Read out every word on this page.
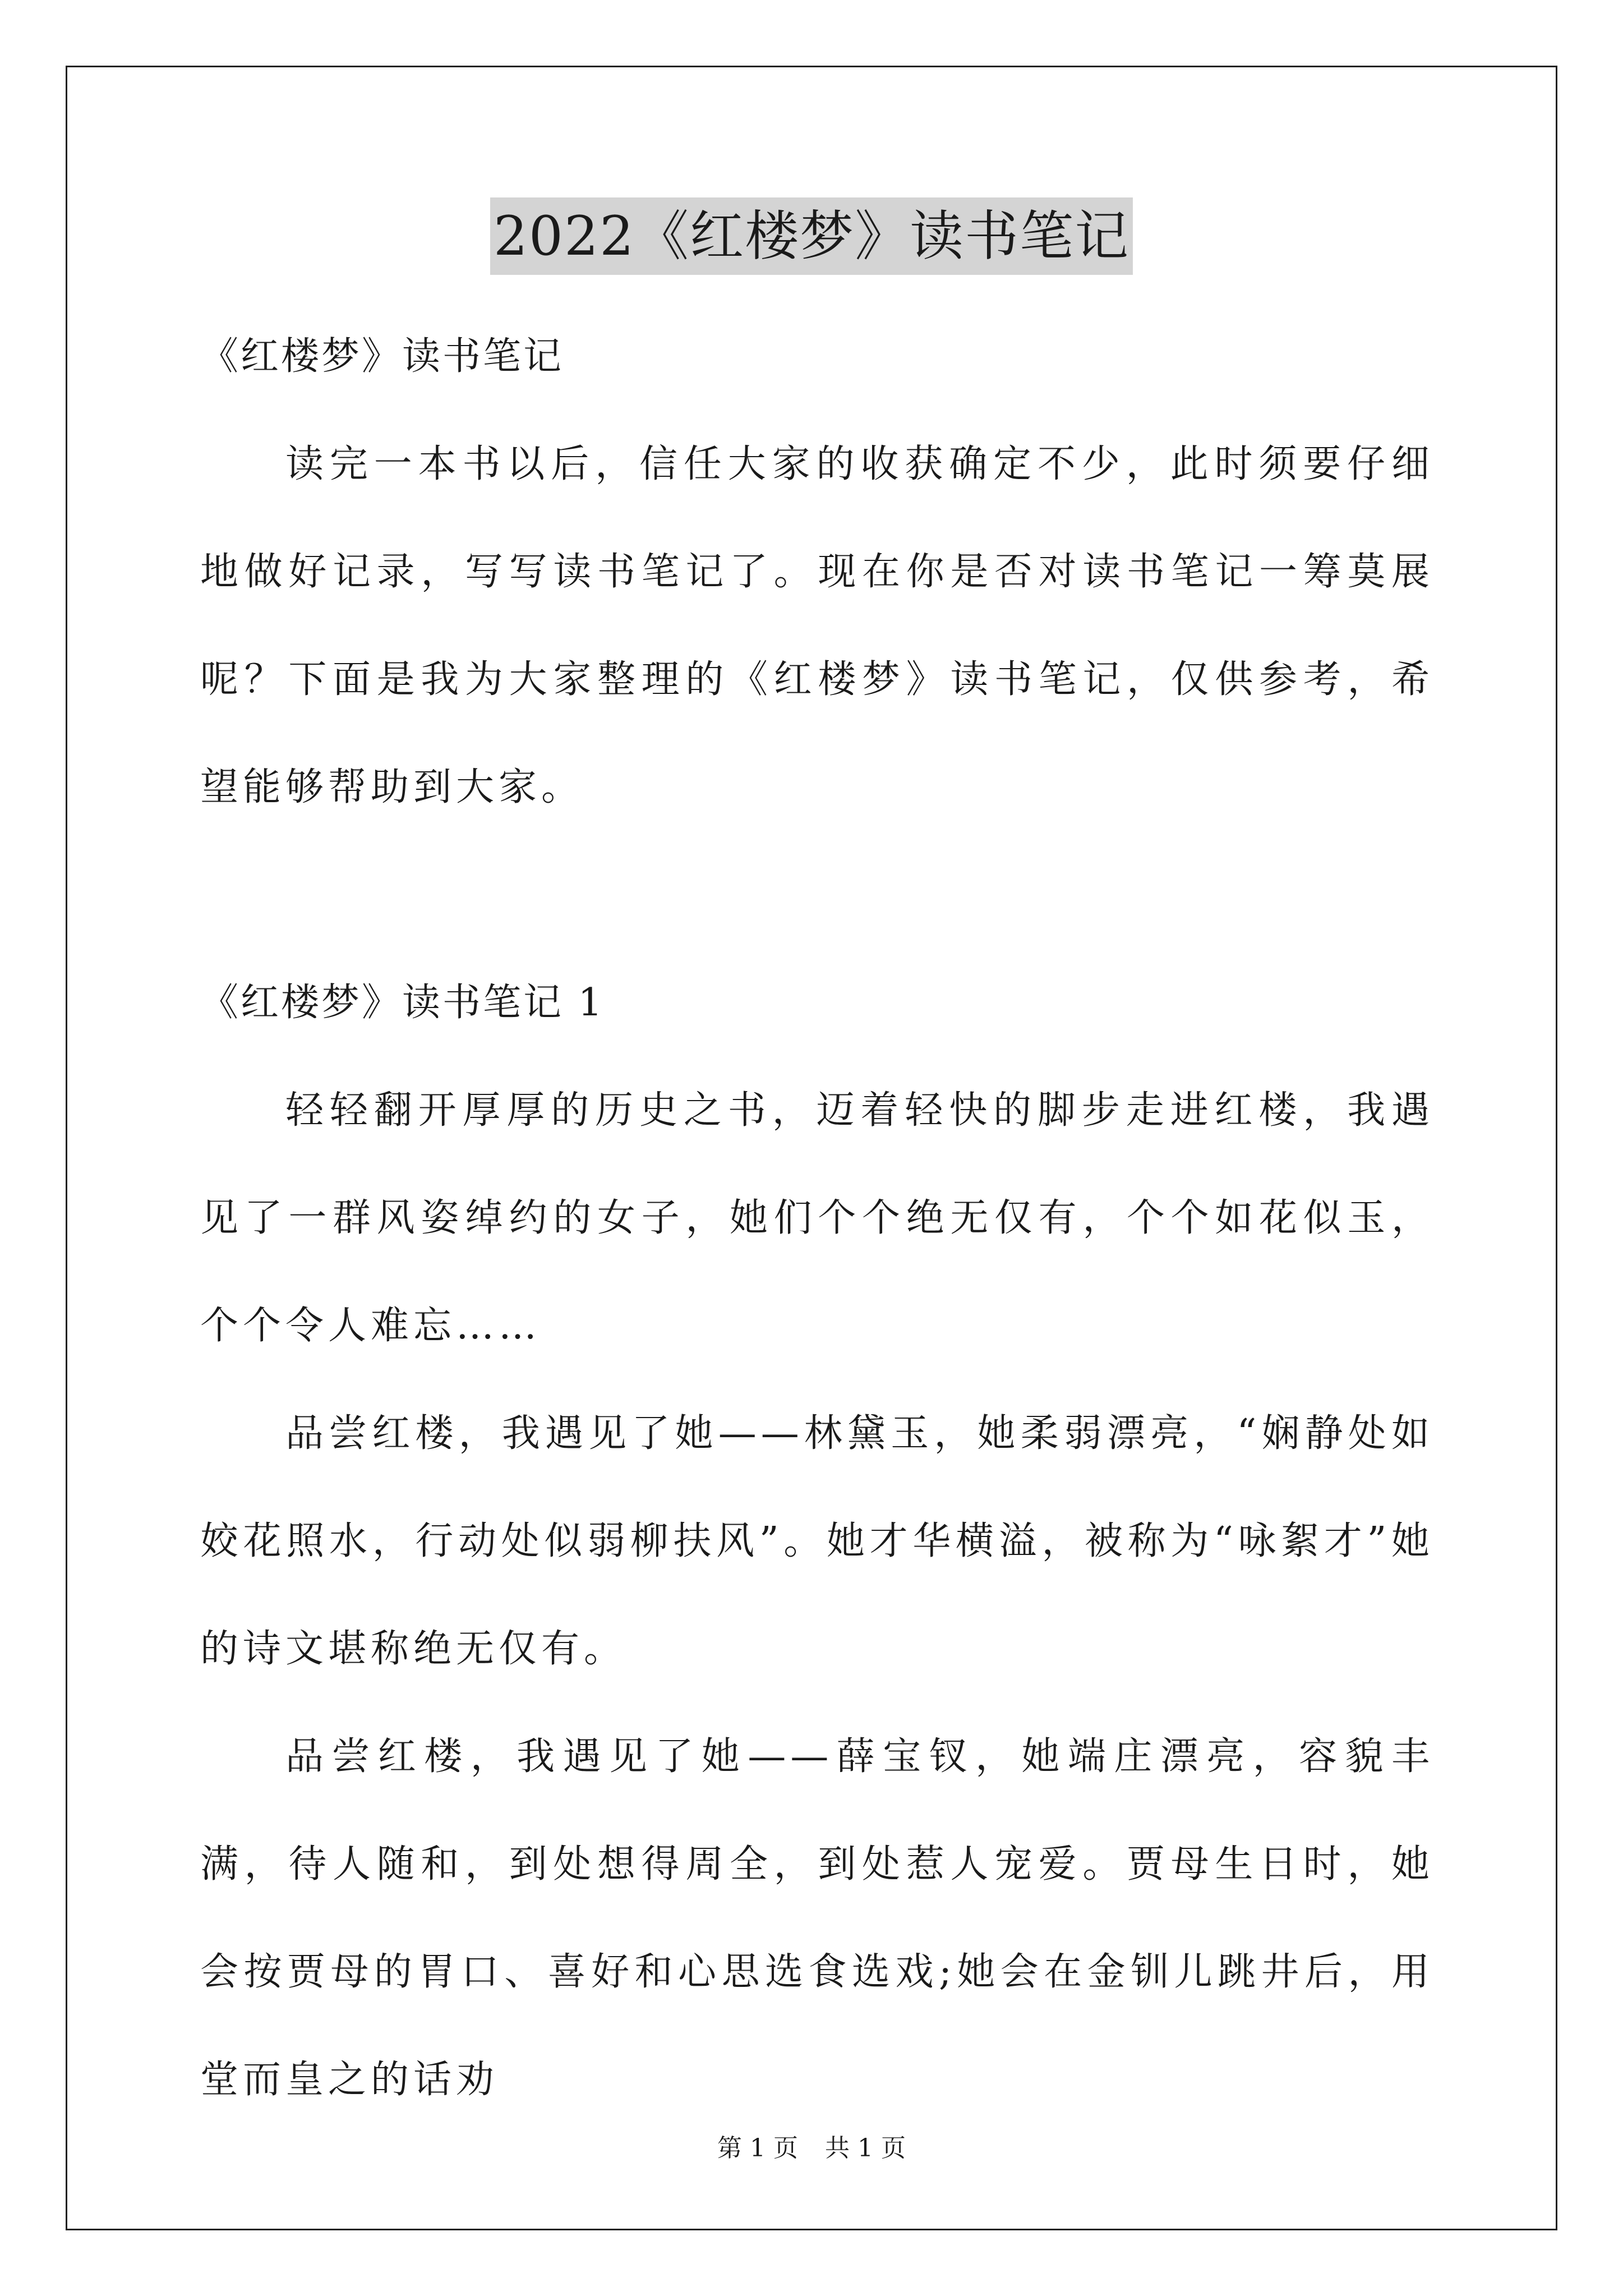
2022《红楼梦》读书笔记

《红楼梦》读书笔记

读完一本书以后，信任大家的收获确定不少，此时须要仔细地做好记录，写写读书笔记了。现在你是否对读书笔记一筹莫展呢？下面是我为大家整理的《红楼梦》读书笔记，仅供参考，希望能够帮助到大家。

《红楼梦》读书笔记 1

轻轻翻开厚厚的历史之书，迈着轻快的脚步走进红楼，我遇见了一群风姿绰约的女子，她们个个绝无仅有，个个如花似玉，个个令人难忘……

品尝红楼，我遇见了她——林黛玉，她柔弱漂亮，“娴静处如姣花照水，行动处似弱柳扶风”。她才华横溢，被称为“咏絮才”她的诗文堪称绝无仅有。

品尝红楼，我遇见了她——薛宝钗，她端庄漂亮，容貌丰满，待人随和，到处想得周全，到处惹人宠爱。贾母生日时，她会按贾母的胃口、喜好和心思选食选戏;她会在金钏儿跳井后，用堂而皇之的话劝

第 1 页 共 1 页
